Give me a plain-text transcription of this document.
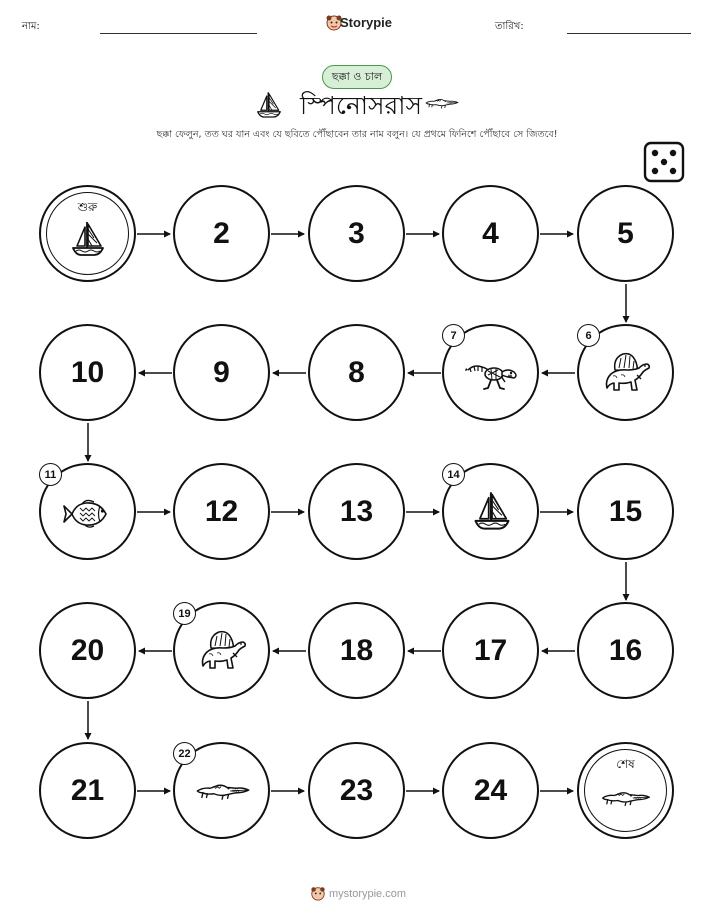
নাম:	Storypie	তারিখ:
ছক্কা ও চাল
স্পিনোসরাস
ছক্কা ফেলুন, তত ঘর যান এবং যে ছবিতে পৌঁছাবেন তার নাম বলুন। যে প্রথমে ফিনিশে পৌঁছাবে সে জিতবে!
শুরু
2	3	4	5
6
7
8
9
10
11
12	13
14
15
16
17
18
19
20
21
22
23	24
শেষ
mystorypie.com
